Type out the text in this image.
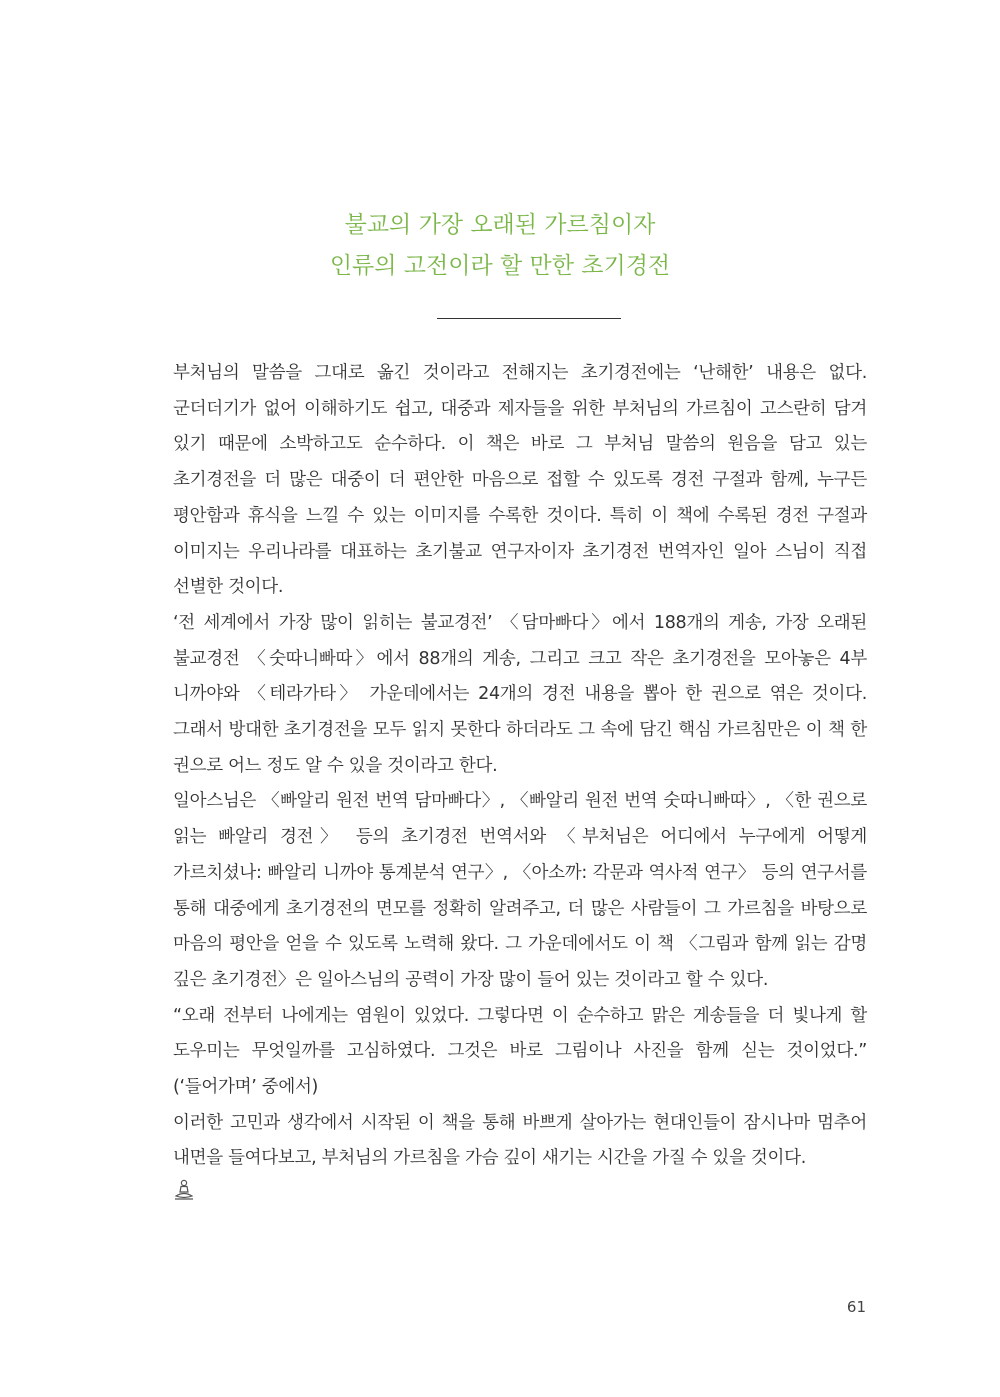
불교의 가장 오래된 가르침이자

인류의 고전이라 할 만한 초기경전

부처님의 말씀을 그대로 옮긴 것이라고 전해지는 초기경전에는 ‘난해한’ 내용은 없다. 군더더기가 없어 이해하기도 쉽고, 대중과 제자들을 위한 부처님의 가르침이 고스란히 담겨 있기 때문에 소박하고도 순수하다. 이 책은 바로 그 부처님 말씀의 원음을 담고 있는 초기경전을 더 많은 대중이 더 편안한 마음으로 접할 수 있도록 경전 구절과 함께, 누구든 평안함과 휴식을 느낄 수 있는 이미지를 수록한 것이다. 특히 이 책에 수록된 경전 구절과 이미지는 우리나라를 대표하는 초기불교 연구자이자 초기경전 번역자인 일아 스님이 직접 선별한 것이다.

‘전 세계에서 가장 많이 읽히는 불교경전’ 〈담마빠다〉에서 188개의 게송, 가장 오래된 불교경전 〈숫따니빠따〉에서 88개의 게송, 그리고 크고 작은 초기경전을 모아놓은 4부 니까야와 〈테라가타〉 가운데에서는 24개의 경전 내용을 뽑아 한 권으로 엮은 것이다. 그래서 방대한 초기경전을 모두 읽지 못한다 하더라도 그 속에 담긴 핵심 가르침만은 이 책 한 권으로 어느 정도 알 수 있을 것이라고 한다.

일아스님은 〈빠알리 원전 번역 담마빠다〉, 〈빠알리 원전 번역 숫따니빠따〉, 〈한 권으로 읽는 빠알리 경전〉 등의 초기경전 번역서와 〈부처님은 어디에서 누구에게 어떻게 가르치셨나: 빠알리 니까야 통계분석 연구〉, 〈아소까: 각문과 역사적 연구〉 등의 연구서를 통해 대중에게 초기경전의 면모를 정확히 알려주고, 더 많은 사람들이 그 가르침을 바탕으로 마음의 평안을 얻을 수 있도록 노력해 왔다. 그 가운데에서도 이 책 〈그림과 함께 읽는 감명 깊은 초기경전〉은 일아스님의 공력이 가장 많이 들어 있는 것이라고 할 수 있다.

“오래 전부터 나에게는 염원이 있었다. 그렇다면 이 순수하고 맑은 게송들을 더 빛나게 할 도우미는 무엇일까를 고심하였다. 그것은 바로 그림이나 사진을 함께 싣는 것이었다.” (‘들어가며’ 중에서)

이러한 고민과 생각에서 시작된 이 책을 통해 바쁘게 살아가는 현대인들이 잠시나마 멈추어 내면을 들여다보고, 부처님의 가르침을 가슴 깊이 새기는 시간을 가질 수 있을 것이다.

61
